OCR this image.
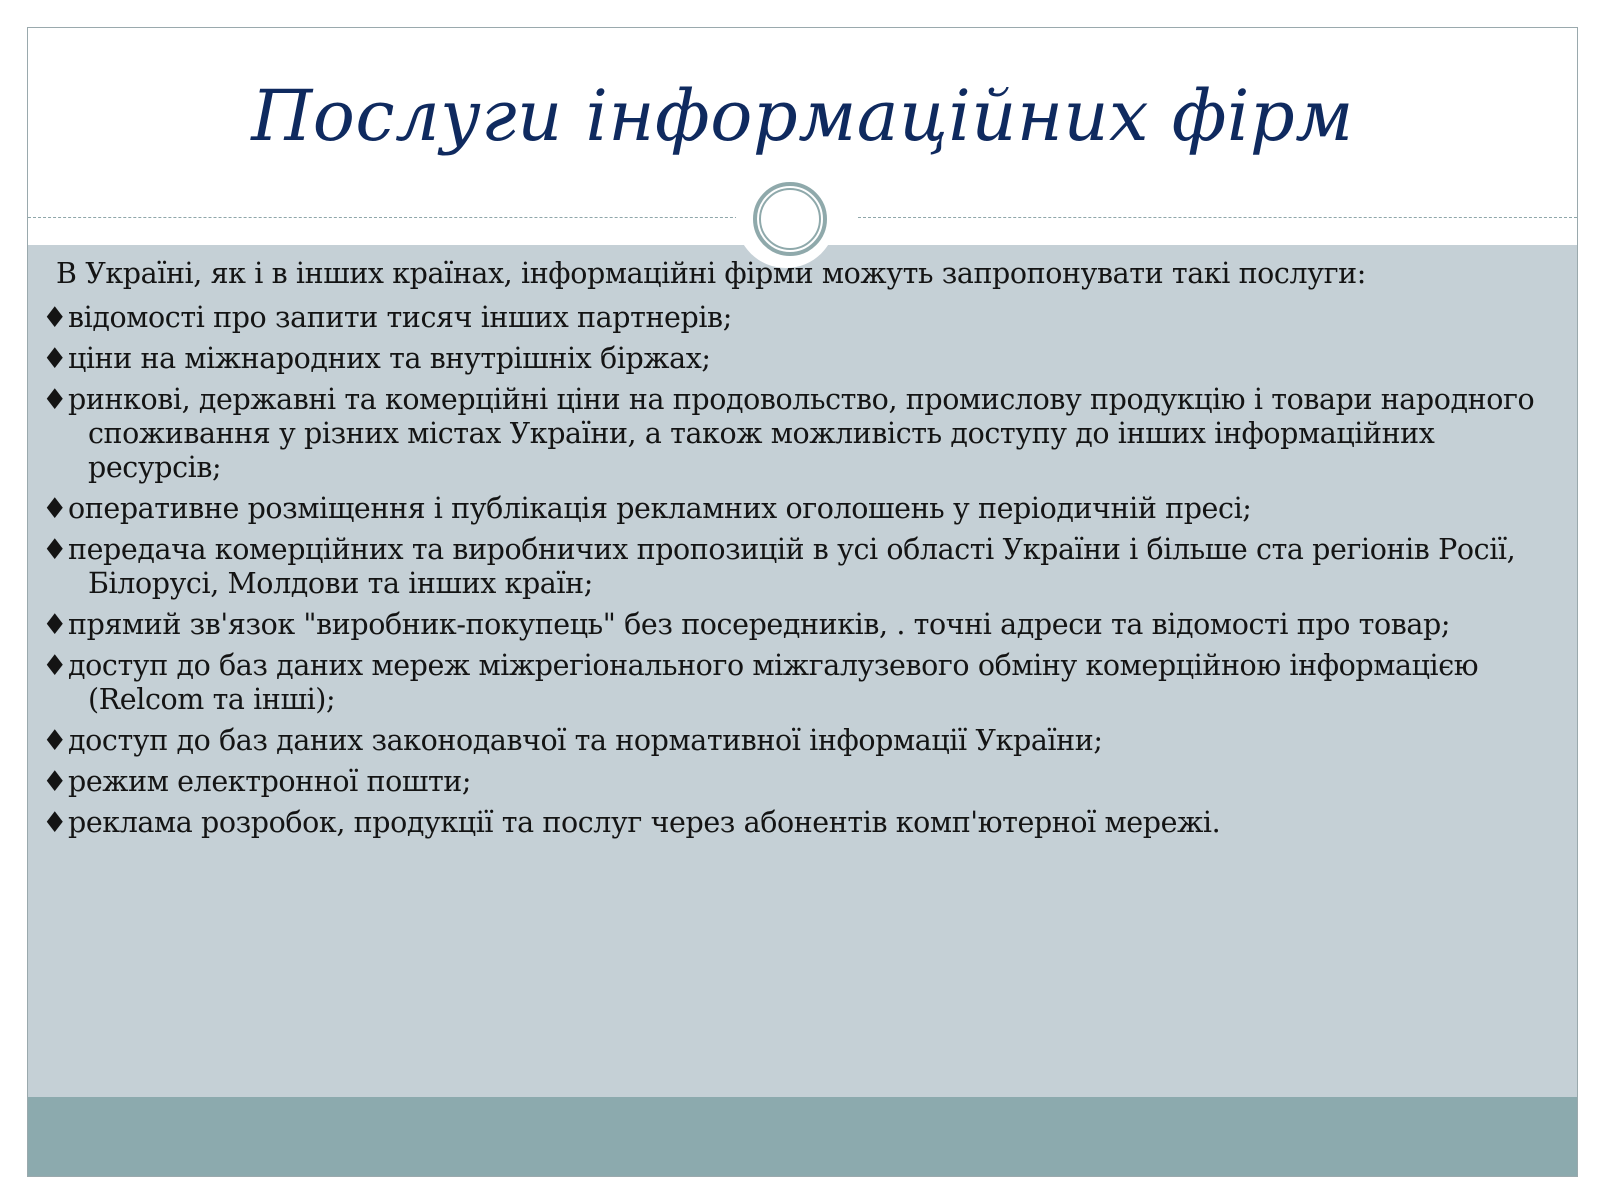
Послуги інформаційних фірм

В Україні, як і в інших країнах, інформаційні фірми можуть запропонувати такі послуги:

♦відомості про запити тисяч інших партнерів;
♦ціни на міжнародних та внутрішніх біржах;
♦ринкові, державні та комерційні ціни на продовольство, промислову продукцію і товари народного споживання у різних містах України, а також можливість доступу до інших інформаційних ресурсів;
♦оперативне розміщення і публікація рекламних оголошень у періодичній пресі;
♦передача комерційних та виробничих пропозицій в усі області України і більше ста регіонів Росії, Білорусі, Молдови та інших країн;
♦прямий зв'язок "виробник-покупець" без посередників, . точні адреси та відомості про товар;
♦доступ до баз даних мереж міжрегіонального міжгалузевого обміну комерційною інформацією (Relcom та інші);
♦доступ до баз даних законодавчої та нормативної інформації України;
♦режим електронної пошти;
♦реклама розробок, продукції та послуг через абонентів комп'ютерної мережі.
